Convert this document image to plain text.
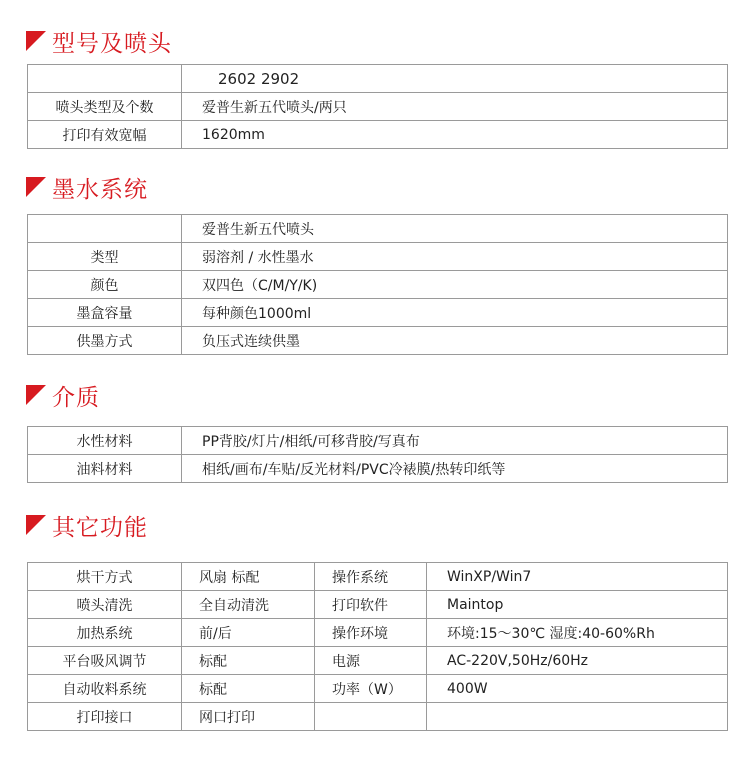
型号及喷头
	2602 2902
喷头类型及个数	爱普生新五代喷头/两只
打印有效宽幅	1620mm
墨水系统
	爱普生新五代喷头
类型	弱溶剂 / 水性墨水
颜色	双四色（C/M/Y/K)
墨盒容量	每种颜色1000ml
供墨方式	负压式连续供墨
介质
水性材料	PP背胶/灯片/相纸/可移背胶/写真布
油料材料	相纸/画布/车贴/反光材料/PVC冷裱膜/热转印纸等
其它功能
烘干方式	风扇 标配	操作系统	WinXP/Win7
喷头清洗	全自动清洗	打印软件	Maintop
加热系统	前/后	操作环境	环境:15～30℃ 湿度:40-60%Rh
平台吸风调节	标配	电源	AC-220V,50Hz/60Hz
自动收料系统	标配	功率（W）	400W
打印接口	网口打印		
